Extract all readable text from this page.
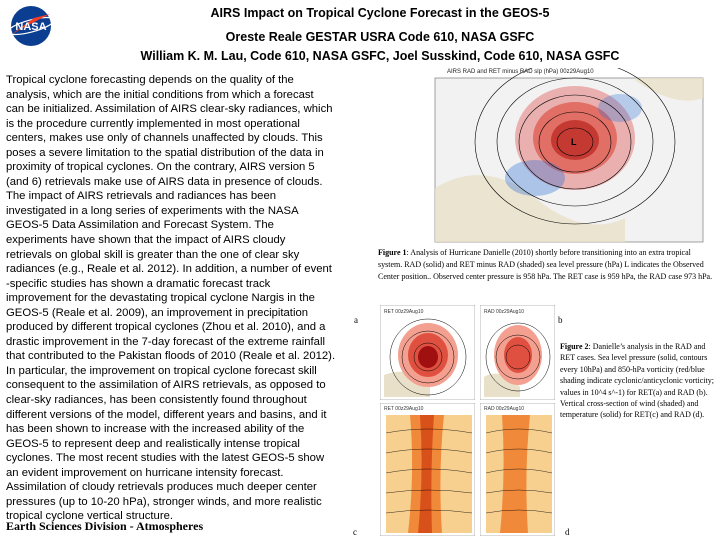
NASA
AIRS Impact on Tropical Cyclone Forecast in the GEOS-5
Oreste Reale GESTAR USRA Code 610, NASA GSFC
William K. M. Lau, Code 610, NASA GSFC, Joel Susskind, Code 610, NASA GSFC
Tropical cyclone forecasting depends on the quality of the
analysis, which are the initial conditions from which a forecast
can be initialized. Assimilation of AIRS clear-sky radiances, which
is the procedure currently implemented in most operational
centers, makes use only of channels unaffected by clouds. This
poses a severe limitation to the spatial distribution of the data in
proximity of tropical cyclones. On the contrary, AIRS version 5
(and 6) retrievals make use of AIRS data in presence of clouds.
The impact of AIRS retrievals and radiances has been
investigated in a long series of experiments with the NASA
GEOS-5 Data Assimilation and Forecast System. The
experiments have shown that the impact of AIRS cloudy
retrievals on global skill is greater than the one of clear sky
radiances (e.g., Reale et al. 2012). In addition, a number of event
-specific studies has shown a dramatic forecast track
improvement for the devastating tropical cyclone Nargis in the
GEOS-5 (Reale et al. 2009), an improvement in precipitation
produced by different tropical cyclones (Zhou et al. 2010), and a
drastic improvement in the 7-day forecast of the extreme rainfall
that contributed to the Pakistan floods of 2010 (Reale et al. 2012).
In particular, the improvement on tropical cyclone forecast skill
consequent to the assimilation of AIRS retrievals, as opposed to
clear-sky radiances, has been consistently found throughout
different versions of the model, different years and basins, and it
has been shown to increase with the increased ability of the
GEOS-5 to represent deep and realistically intense tropical
cyclones. The most recent studies with the latest GEOS-5 show
an evident improvement on hurricane intensity forecast.
Assimilation of cloudy retrievals produces much deeper center
pressures (up to 10-20 hPa), stronger winds, and more realistic
tropical cyclone vertical structure.
Earth Sciences Division - Atmospheres
L
AIRS RAD and RET minus RAD slp (hPa) 00z29Aug10
Figure 1: Analysis of Hurricane Danielle (2010) shortly before transitioning into an extra tropical system. RAD (solid) and RET minus RAD (shaded) sea level pressure (hPa) L indicates the Observed Center position.. Observed center pressure is 958 hPa. The RET case is 959 hPa, the RAD case 973 hPa.
RET 00z29Aug10
a
RAD 00z29Aug10
b
RET 00z29Aug10
c
RAD 00z29Aug10
d
Figure 2: Danielle’s analysis in the RAD and RET cases. Sea level pressure (solid, contours every 10hPa) and 850-hPa vorticity (red/blue shading indicate cyclonic/anticyclonic vorticity; values in 10^4 s^-1) for RET(a) and RAD (b). Vertical cross-section of wind (shaded) and temperature (solid) for RET(c) and RAD (d).
